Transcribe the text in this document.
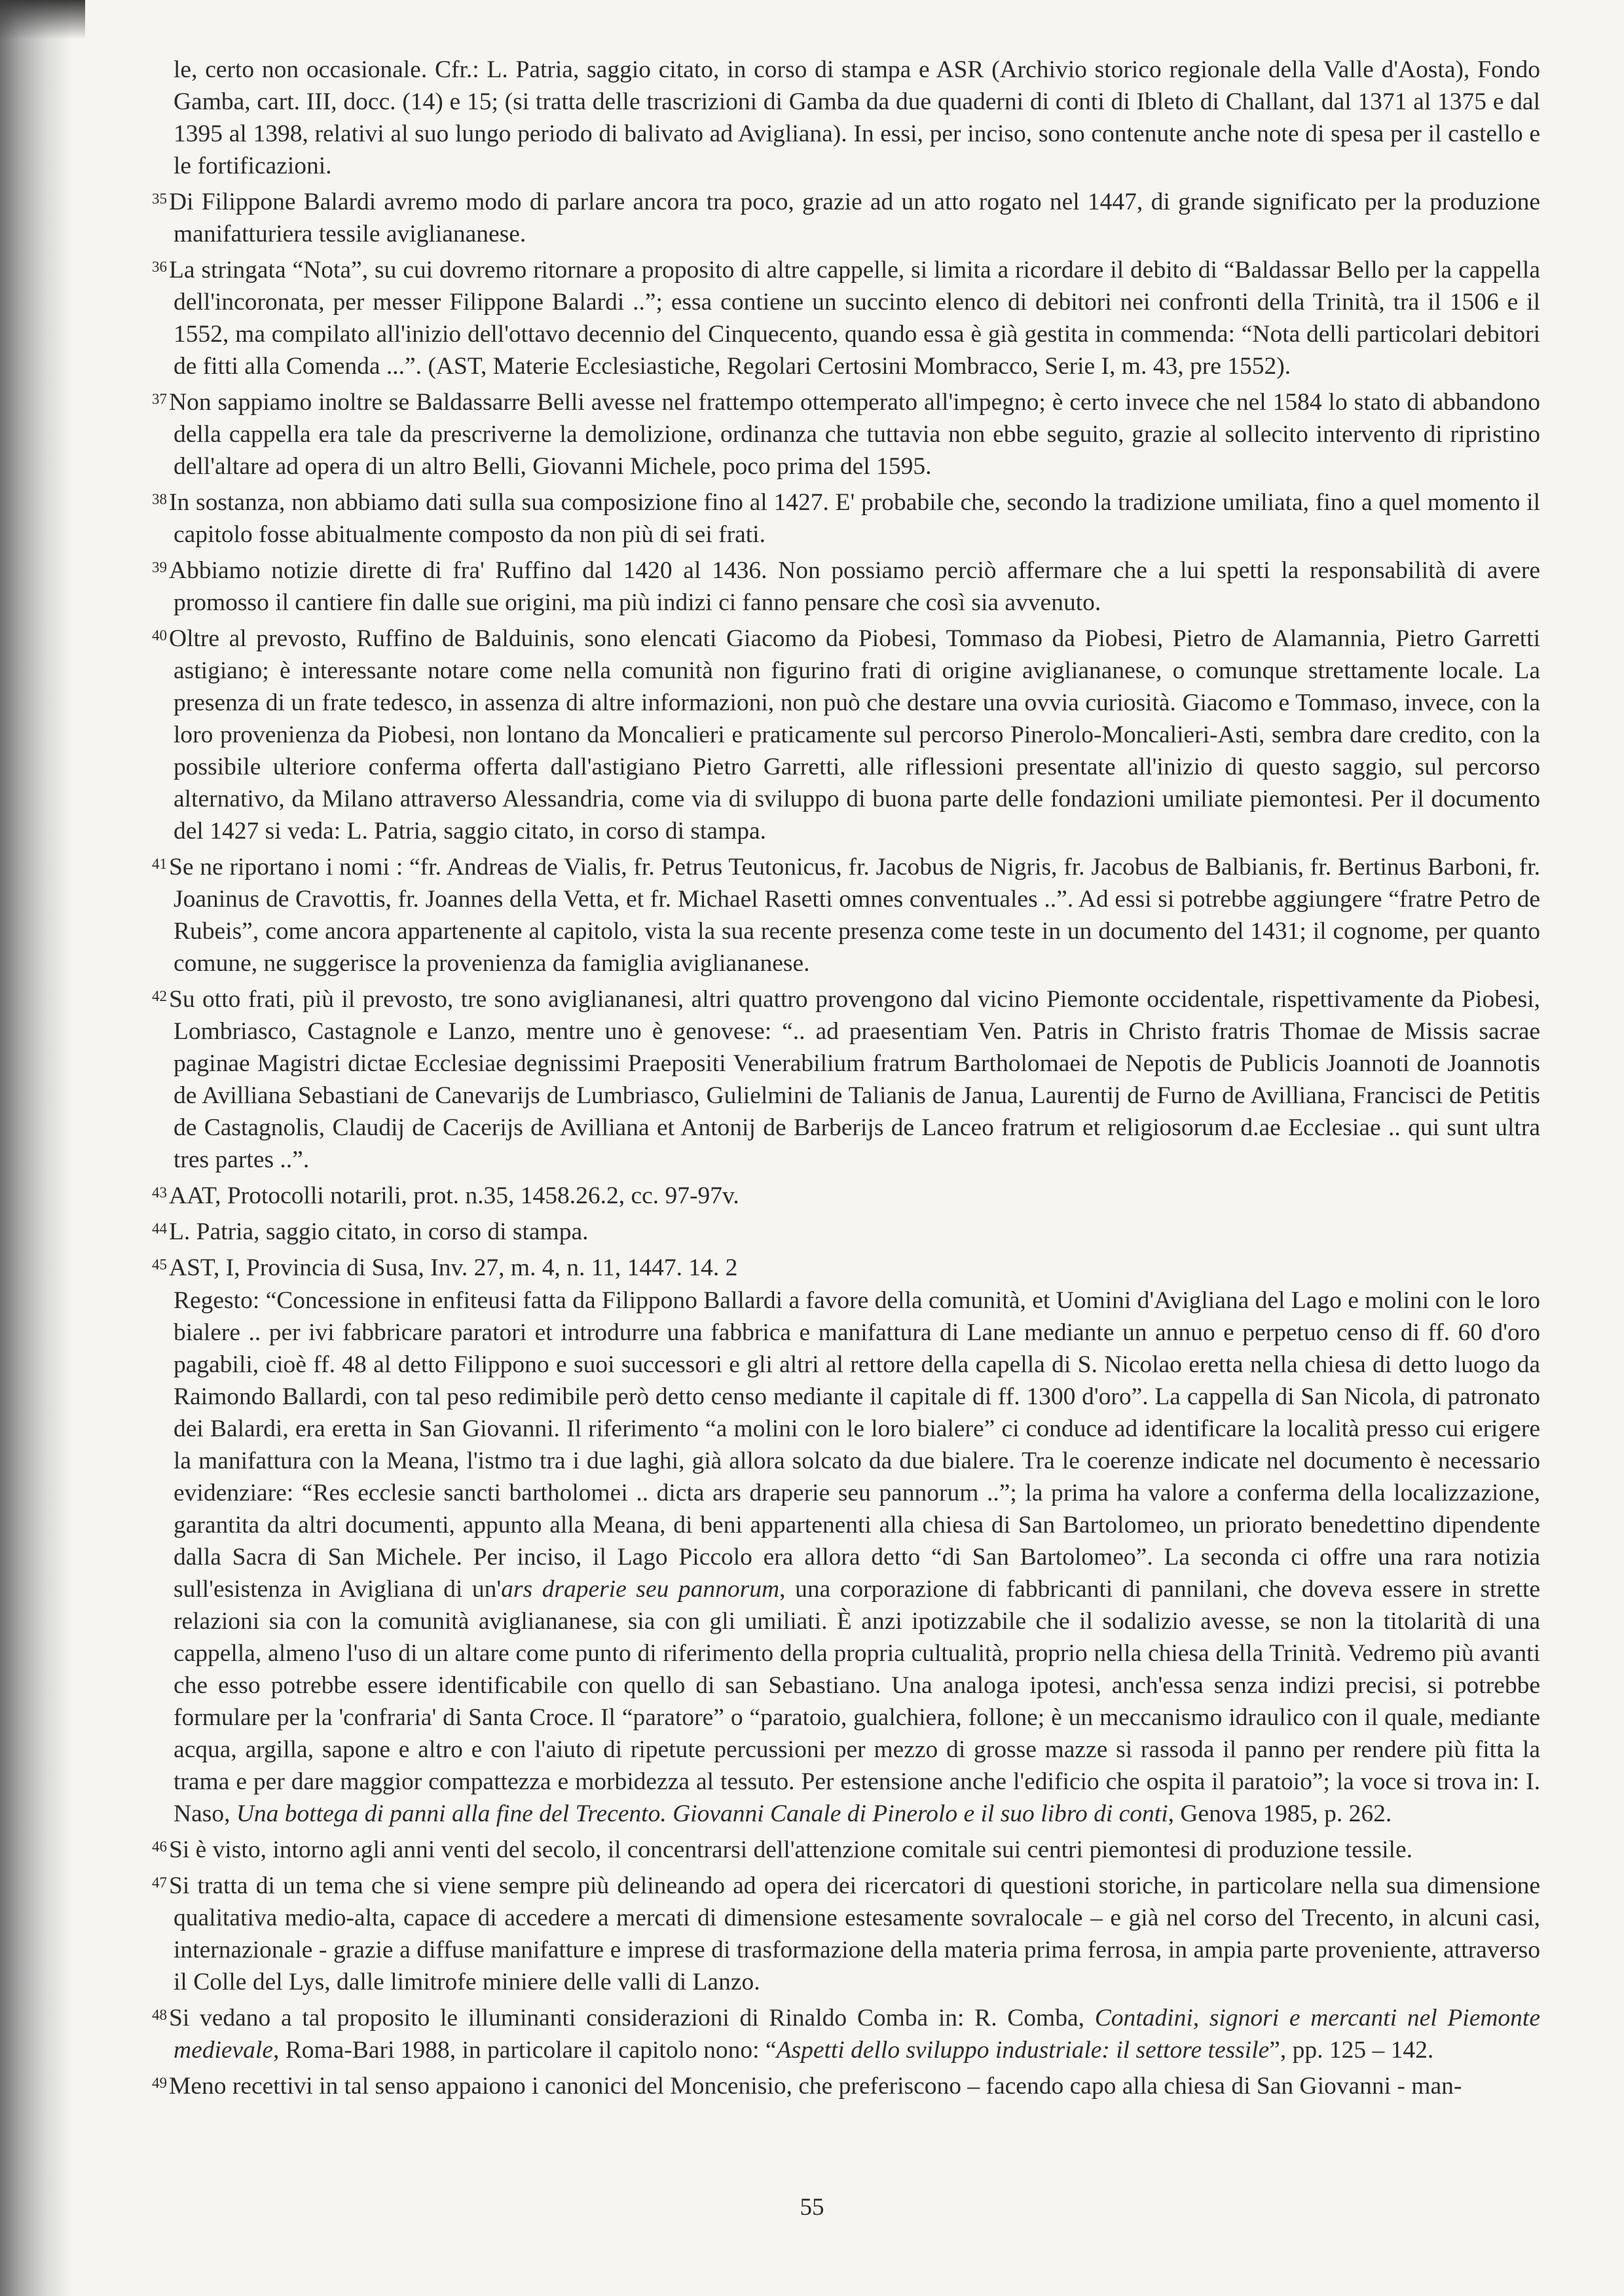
le, certo non occasionale. Cfr.: L. Patria, saggio citato, in corso di stampa e ASR (Archivio storico regionale della Valle d'Aosta), Fondo Gamba, cart. III, docc. (14) e 15; (si tratta delle trascrizioni di Gamba da due quaderni di conti di Ibleto di Challant, dal 1371 al 1375 e dal 1395 al 1398, relativi al suo lungo periodo di balivato ad Avigliana). In essi, per inciso, sono contenute anche note di spesa per il castello e le fortificazioni.

$^{35}$Di Filippone Balardi avremo modo di parlare ancora tra poco, grazie ad un atto rogato nel 1447, di grande significato per la produzione manifatturiera tessile avigliananese.

$^{36}$La stringata “Nota”, su cui dovremo ritornare a proposito di altre cappelle, si limita a ricordare il debito di “Baldassar Bello per la cappella dell'incoronata, per messer Filippone Balardi ..”; essa contiene un succinto elenco di debitori nei confronti della Trinità, tra il 1506 e il 1552, ma compilato all'inizio dell'ottavo decennio del Cinquecento, quando essa è già gestita in commenda: “Nota delli particolari debitori de fitti alla Comenda ...”. (AST, Materie Ecclesiastiche, Regolari Certosini Mombracco, Serie I, m. 43, pre 1552).

$^{37}$Non sappiamo inoltre se Baldassarre Belli avesse nel frattempo ottemperato all'impegno; è certo invece che nel 1584 lo stato di abbandono della cappella era tale da prescriverne la demolizione, ordinanza che tuttavia non ebbe seguito, grazie al sollecito intervento di ripristino dell'altare ad opera di un altro Belli, Giovanni Michele, poco prima del 1595.

$^{38}$In sostanza, non abbiamo dati sulla sua composizione fino al 1427. E' probabile che, secondo la tradizione umiliata, fino a quel momento il capitolo fosse abitualmente composto da non più di sei frati.

$^{39}$Abbiamo notizie dirette di fra' Ruffino dal 1420 al 1436. Non possiamo perciò affermare che a lui spetti la responsabilità di avere promosso il cantiere fin dalle sue origini, ma più indizi ci fanno pensare che così sia avvenuto.

$^{40}$Oltre al prevosto, Ruffino de Balduinis, sono elencati Giacomo da Piobesi, Tommaso da Piobesi, Pietro de Alamannia, Pietro Garretti astigiano; è interessante notare come nella comunità non figurino frati di origine avigliananese, o comunque strettamente locale. La presenza di un frate tedesco, in assenza di altre informazioni, non può che destare una ovvia curiosità. Giacomo e Tommaso, invece, con la loro provenienza da Piobesi, non lontano da Moncalieri e praticamente sul percorso Pinerolo-Moncalieri-Asti, sembra dare credito, con la possibile ulteriore conferma offerta dall'astigiano Pietro Garretti, alle riflessioni presentate all'inizio di questo saggio, sul percorso alternativo, da Milano attraverso Alessandria, come via di sviluppo di buona parte delle fondazioni umiliate piemontesi. Per il documento del 1427 si veda: L. Patria, saggio citato, in corso di stampa.

$^{41}$Se ne riportano i nomi : “fr. Andreas de Vialis, fr. Petrus Teutonicus, fr. Jacobus de Nigris, fr. Jacobus de Balbianis, fr. Bertinus Barboni, fr. Joaninus de Cravottis, fr. Joannes della Vetta, et fr. Michael Rasetti omnes conventuales ..”. Ad essi si potrebbe aggiungere “fratre Petro de Rubeis”, come ancora appartenente al capitolo, vista la sua recente presenza come teste in un documento del 1431; il cognome, per quanto comune, ne suggerisce la provenienza da famiglia avigliananese.

$^{42}$Su otto frati, più il prevosto, tre sono avigliananesi, altri quattro provengono dal vicino Piemonte occidentale, rispettivamente da Piobesi, Lombriasco, Castagnole e Lanzo, mentre uno è genovese: “.. ad praesentiam Ven. Patris in Christo fratris Thomae de Missis sacrae paginae Magistri dictae Ecclesiae degnissimi Praepositi Venerabilium fratrum Bartholomaei de Nepotis de Publicis Joannoti de Joannotis de Avilliana Sebastiani de Canevarijs de Lumbriasco, Gulielmini de Talianis de Janua, Laurentij de Furno de Avilliana, Francisci de Petitis de Castagnolis, Claudij de Cacerijs de Avilliana et Antonij de Barberijs de Lanceo fratrum et religiosorum d.ae Ecclesiae .. qui sunt ultra tres partes ..”.

$^{43}$AAT, Protocolli notarili, prot. n.35, 1458.26.2, cc. 97-97v.

$^{44}$L. Patria, saggio citato, in corso di stampa.

$^{45}$AST, I, Provincia di Susa, Inv. 27, m. 4, n. 11, 1447. 14. 2
Regesto: “Concessione in enfiteusi fatta da Filippono Ballardi a favore della comunità, et Uomini d'Avigliana del Lago e molini con le loro bialere .. per ivi fabbricare paratori et introdurre una fabbrica e manifattura di Lane mediante un annuo e perpetuo censo di ff. 60 d'oro pagabili, cioè ff. 48 al detto Filippono e suoi successori e gli altri al rettore della capella di S. Nicolao eretta nella chiesa di detto luogo da Raimondo Ballardi, con tal peso redimibile però detto censo mediante il capitale di ff. 1300 d'oro”. La cappella di San Nicola, di patronato dei Balardi, era eretta in San Giovanni. Il riferimento “a molini con le loro bialere” ci conduce ad identificare la località presso cui erigere la manifattura con la Meana, l'istmo tra i due laghi, già allora solcato da due bialere. Tra le coerenze indicate nel documento è necessario evidenziare: “Res ecclesie sancti bartholomei .. dicta ars draperie seu pannorum ..”; la prima ha valore a conferma della localizzazione, garantita da altri documenti, appunto alla Meana, di beni appartenenti alla chiesa di San Bartolomeo, un priorato benedettino dipendente dalla Sacra di San Michele. Per inciso, il Lago Piccolo era allora detto “di San Bartolomeo”. La seconda ci offre una rara notizia sull'esistenza in Avigliana di un'ars draperie seu pannorum, una corporazione di fabbricanti di pannilani, che doveva essere in strette relazioni sia con la comunità avigliananese, sia con gli umiliati. È anzi ipotizzabile che il sodalizio avesse, se non la titolarità di una cappella, almeno l'uso di un altare come punto di riferimento della propria cultualità, proprio nella chiesa della Trinità. Vedremo più avanti che esso potrebbe essere identificabile con quello di san Sebastiano. Una analoga ipotesi, anch'essa senza indizi precisi, si potrebbe formulare per la 'confraria' di Santa Croce. Il “paratore” o “paratoio, gualchiera, follone; è un meccanismo idraulico con il quale, mediante acqua, argilla, sapone e altro e con l'aiuto di ripetute percussioni per mezzo di grosse mazze si rassoda il panno per rendere più fitta la trama e per dare maggior compattezza e morbidezza al tessuto. Per estensione anche l'edificio che ospita il paratoio”; la voce si trova in: I. Naso, Una bottega di panni alla fine del Trecento. Giovanni Canale di Pinerolo e il suo libro di conti, Genova 1985, p. 262.

$^{46}$Si è visto, intorno agli anni venti del secolo, il concentrarsi dell'attenzione comitale sui centri piemontesi di produzione tessile.

$^{47}$Si tratta di un tema che si viene sempre più delineando ad opera dei ricercatori di questioni storiche, in particolare nella sua dimensione qualitativa medio-alta, capace di accedere a mercati di dimensione estesamente sovralocale – e già nel corso del Trecento, in alcuni casi, internazionale - grazie a diffuse manifatture e imprese di trasformazione della materia prima ferrosa, in ampia parte proveniente, attraverso il Colle del Lys, dalle limitrofe miniere delle valli di Lanzo.

$^{48}$Si vedano a tal proposito le illuminanti considerazioni di Rinaldo Comba in: R. Comba, Contadini, signori e mercanti nel Piemonte medievale, Roma-Bari 1988, in particolare il capitolo nono: “Aspetti dello sviluppo industriale: il settore tessile”, pp. 125 – 142.

$^{49}$Meno recettivi in tal senso appaiono i canonici del Moncenisio, che preferiscono – facendo capo alla chiesa di San Giovanni - man-

55
